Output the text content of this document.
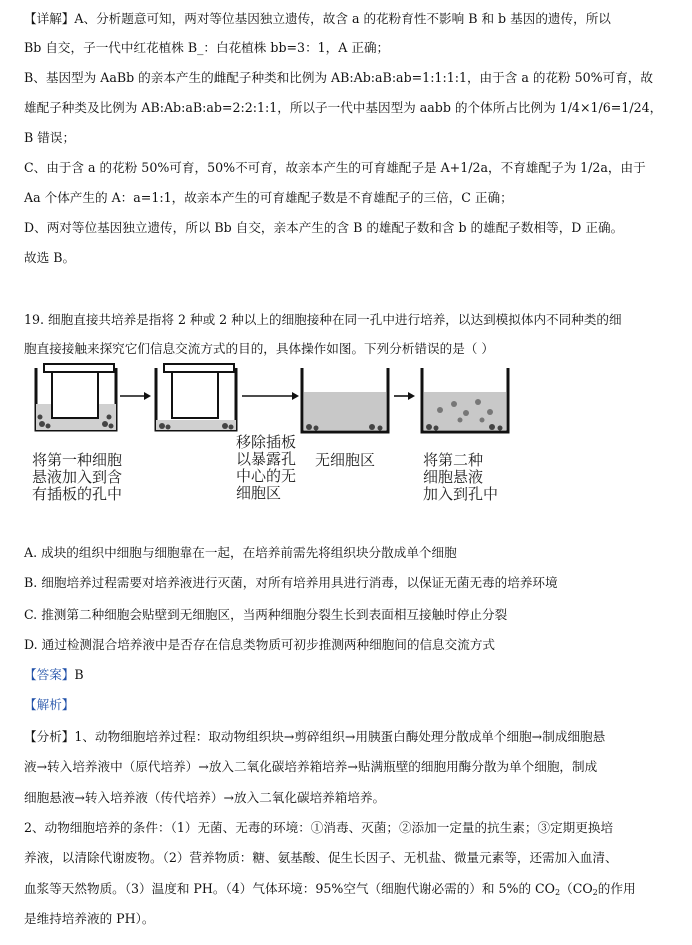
【详解】A、分析题意可知，两对等位基因独立遗传，故含 a 的花粉育性不影响 B 和 b 基因的遗传，所以
Bb 自交，子一代中红花植株 B_：白花植株 bb=3：1，A 正确；
B、基因型为 AaBb 的亲本产生的雌配子种类和比例为 AB:Ab:aB:ab=1:1:1:1，由于含 a 的花粉 50%可育，故
雄配子种类及比例为 AB:Ab:aB:ab=2:2:1:1，所以子一代中基因型为 aabb 的个体所占比例为 1/4×1/6=1/24，
B 错误；
C、由于含 a 的花粉 50%可育，50%不可育，故亲本产生的可育雄配子是 A+1/2a，不育雄配子为 1/2a，由于
Aa 个体产生的 A：a=1:1，故亲本产生的可育雄配子数是不育雄配子的三倍，C 正确；
D、两对等位基因独立遗传，所以 Bb 自交，亲本产生的含 B 的雄配子数和含 b 的雄配子数相等，D 正确。
故选 B。
19. 细胞直接共培养是指将 2 种或 2 种以上的细胞接种在同一孔中进行培养，以达到模拟体内不同种类的细
胞直接接触来探究它们信息交流方式的目的，具体操作如图。下列分析错误的是（ ）
将第一种细胞
悬液加入到含
有插板的孔中
移除插板
以暴露孔
中心的无
细胞区
无细胞区	将第二种
细胞悬液
加入到孔中
A. 成块的组织中细胞与细胞靠在一起，在培养前需先将组织块分散成单个细胞
B. 细胞培养过程需要对培养液进行灭菌，对所有培养用具进行消毒，以保证无菌无毒的培养环境
C. 推测第二种细胞会贴壁到无细胞区，当两种细胞分裂生长到表面相互接触时停止分裂
D. 通过检测混合培养液中是否存在信息类物质可初步推测两种细胞间的信息交流方式
【答案】B
【解析】
【分析】1、动物细胞培养过程：取动物组织块→剪碎组织→用胰蛋白酶处理分散成单个细胞→制成细胞悬
液→转入培养液中（原代培养）→放入二氧化碳培养箱培养→贴满瓶壁的细胞用酶分散为单个细胞，制成
细胞悬液→转入培养液（传代培养）→放入二氧化碳培养箱培养。
2、动物细胞培养的条件：（1）无菌、无毒的环境：①消毒、灭菌；②添加一定量的抗生素；③定期更换培
养液，以清除代谢废物。（2）营养物质：糖、氨基酸、促生长因子、无机盐、微量元素等，还需加入血清、
血浆等天然物质。（3）温度和 PH。（4）气体环境：95%空气（细胞代谢必需的）和 5%的 $CO_2(CO_2$的作用
是维持培养液的 PH）。
